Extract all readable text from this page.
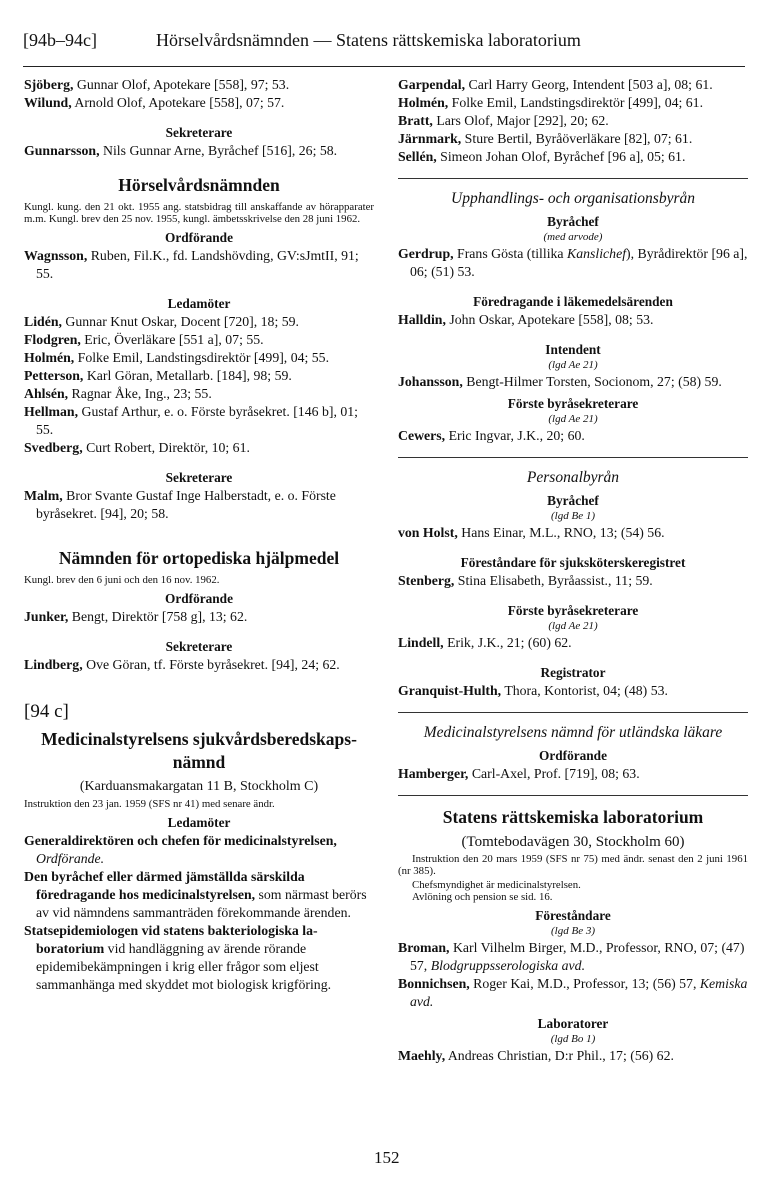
[94b–94c]	Hörselvårdsnämnden — Statens rättskemiska laboratorium

Sjöberg, Gunnar Olof, Apotekare [558], 97; 53.

Wilund, Arnold Olof, Apotekare [558], 07; 57.

Sekreterare

Gunnarsson, Nils Gunnar Arne, Byråchef [516], 26; 58.

Hörselvårdsnämnden
Kungl. kung. den 21 okt. 1955 ang. statsbidrag till anskaffande av hörapparater m.m. Kungl. brev den 25 nov. 1955, kungl. ämbetsskrivelse den 28 juni 1962.
Ordförande

Wagnsson, Ruben, Fil.K., fd. Landshövding, GV:sJmtII, 91; 55.

Ledamöter

Lidén, Gunnar Knut Oskar, Docent [720], 18; 59.

Flodgren, Eric, Överläkare [551 a], 07; 55.

Holmén, Folke Emil, Landstingsdirektör [499], 04; 55.

Petterson, Karl Göran, Metallarb. [184], 98; 59.

Ahlsén, Ragnar Åke, Ing., 23; 55.

Hellman, Gustaf Arthur, e. o. Förste byråsekret. [146 b], 01; 55.

Svedberg, Curt Robert, Direktör, 10; 61.

Sekreterare

Malm, Bror Svante Gustaf Inge Halberstadt, e. o. Förste byråsekret. [94], 20; 58.

Nämnden för ortopediska hjälpmedel
Kungl. brev den 6 juni och den 16 nov. 1962.
Ordförande

Junker, Bengt, Direktör [758 g], 13; 62.

Sekreterare

Lindberg, Ove Göran, tf. Förste byråsekret. [94], 24; 62.

[94 c]
Medicinalstyrelsens sjukvårdsberedskapsnämnd
(Karduansmakargatan 11 B, Stockholm C)
Instruktion den 23 jan. 1959 (SFS nr 41) med senare ändr.
Ledamöter

Generaldirektören och chefen för medicinalstyrelsen, Ordförande.

Den byråchef eller därmed jämställda särskilda föredragande hos medicinalstyrelsen, som närmast berörs av vid nämndens sammanträden förekommande ärenden.

Statsepidemiologen vid statens bakteriologiska laboratorium vid handläggning av ärende rörande epidemibekämpningen i krig eller frågor som eljest sammanhänga med skyddet mot biologisk krigföring.

Garpendal, Carl Harry Georg, Intendent [503 a], 08; 61.

Holmén, Folke Emil, Landstingsdirektör [499], 04; 61.

Bratt, Lars Olof, Major [292], 20; 62.

Järnmark, Sture Bertil, Byråöverläkare [82], 07; 61.

Sellén, Simeon Johan Olof, Byråchef [96 a], 05; 61.

Upphandlings- och organisationsbyrån
Byråchef
(med arvode)

Gerdrup, Frans Gösta (tillika Kanslichef), Byrådirektör [96 a], 06; (51) 53.

Föredragande i läkemedelsärenden

Halldin, John Oskar, Apotekare [558], 08; 53.

Intendent
(lgd Ae 21)

Johansson, Bengt-Hilmer Torsten, Socionom, 27; (58) 59.

Förste byråsekreterare
(lgd Ae 21)

Cewers, Eric Ingvar, J.K., 20; 60.

Personalbyrån
Byråchef
(lgd Be 1)

von Holst, Hans Einar, M.L., RNO, 13; (54) 56.

Föreståndare för sjuksköterskeregistret

Stenberg, Stina Elisabeth, Byråassist., 11; 59.

Förste byråsekreterare
(lgd Ae 21)

Lindell, Erik, J.K., 21; (60) 62.

Registrator

Granquist-Hulth, Thora, Kontorist, 04; (48) 53.

Medicinalstyrelsens nämnd för utländska läkare
Ordförande

Hamberger, Carl-Axel, Prof. [719], 08; 63.

Statens rättskemiska laboratorium
(Tomtebodavägen 30, Stockholm 60)
Instruktion den 20 mars 1959 (SFS nr 75) med ändr. senast den 2 juni 1961 (nr 385).
Chefsmyndighet är medicinalstyrelsen.
Avlöning och pension se sid. 16.
Föreståndare
(lgd Be 3)

Broman, Karl Vilhelm Birger, M.D., Professor, RNO, 07; (47) 57, Blodgruppsserologiska avd.

Bonnichsen, Roger Kai, M.D., Professor, 13; (56) 57, Kemiska avd.

Laboratorer
(lgd Bo 1)

Maehly, Andreas Christian, D:r Phil., 17; (56) 62.

152
